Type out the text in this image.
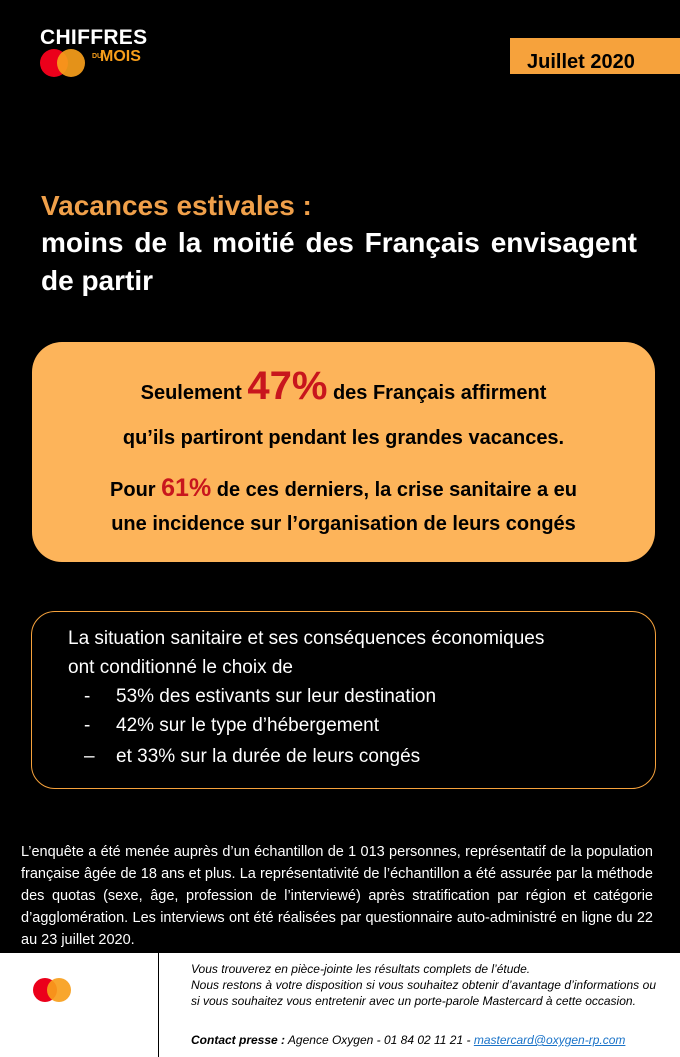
CHIFFRES
DU
MOIS	Juillet 2020
Vacances estivales :
moins de la moitié des Français envisagent de partir
Seulement 47% des Français affirment
qu’ils partiront pendant les grandes vacances.
Pour 61% de ces derniers, la crise sanitaire a eu
une incidence sur l’organisation de leurs congés
La situation sanitaire et ses conséquences économiques
ont conditionné le choix de
- 53% des estivants sur leur destination
- 42% sur le type d’hébergement
– et 33% sur la durée de leurs congés
L’enquête a été menée auprès d’un échantillon de 1 013 personnes, représentatif de la population française âgée de 18 ans et plus. La représentativité de l’échantillon a été assurée par la méthode des quotas (sexe, âge, profession de l’interviewé) après stratification par région et catégorie d’agglomération. Les interviews ont été réalisées par questionnaire auto-administré en ligne du 22 au 23 juillet 2020.

Vous trouverez en pièce-jointe les résultats complets de l’étude.

Nous restons à votre disposition si vous souhaitez obtenir d’avantage d’informations ou si vous souhaitez vous entretenir avec un porte-parole Mastercard à cette occasion.

Contact presse : Agence Oxygen - 01 84 02 11 21 - mastercard@oxygen-rp.com
